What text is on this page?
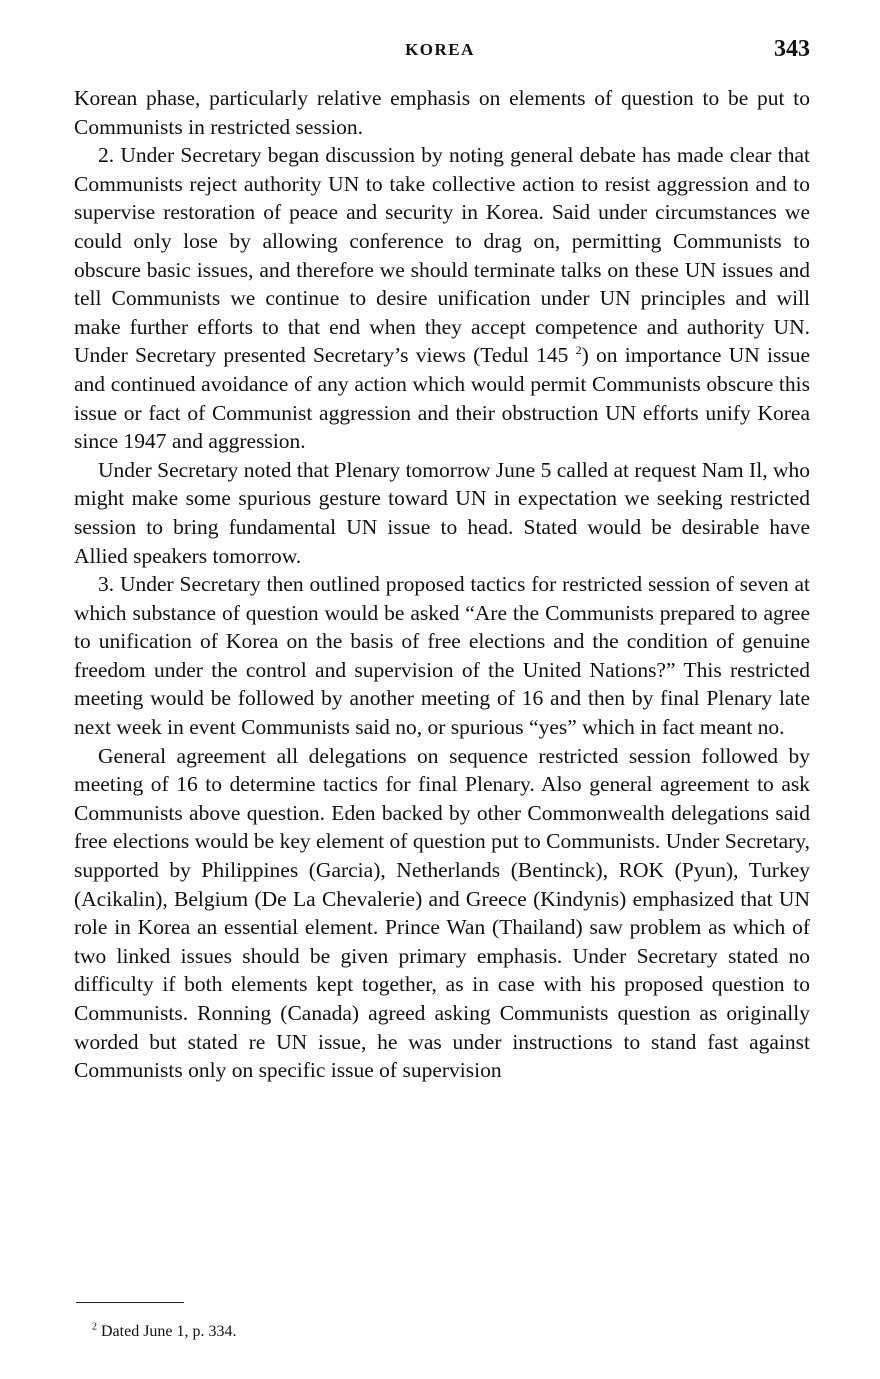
KOREA	343

Korean phase, particularly relative emphasis on elements of question to be put to Communists in restricted session.

2. Under Secretary began discussion by noting general debate has made clear that Communists reject authority UN to take collective action to resist aggression and to supervise restoration of peace and security in Korea. Said under circumstances we could only lose by allowing conference to drag on, permitting Communists to obscure basic issues, and therefore we should terminate talks on these UN issues and tell Communists we continue to desire unification under UN principles and will make further efforts to that end when they accept competence and authority UN. Under Secretary presented Secretary’s views (Tedul 145 $^2$) on importance UN issue and continued avoidance of any action which would permit Communists obscure this issue or fact of Communist aggression and their obstruction UN efforts unify Korea since 1947 and aggression.

Under Secretary noted that Plenary tomorrow June 5 called at request Nam Il, who might make some spurious gesture toward UN in expectation we seeking restricted session to bring fundamental UN issue to head. Stated would be desirable have Allied speakers tomorrow.

3. Under Secretary then outlined proposed tactics for restricted session of seven at which substance of question would be asked “Are the Communists prepared to agree to unification of Korea on the basis of free elections and the condition of genuine freedom under the control and supervision of the United Nations?” This restricted meeting would be followed by another meeting of 16 and then by final Plenary late next week in event Communists said no, or spurious “yes” which in fact meant no.

General agreement all delegations on sequence restricted session followed by meeting of 16 to determine tactics for final Plenary. Also general agreement to ask Communists above question. Eden backed by other Commonwealth delegations said free elections would be key element of question put to Communists. Under Secretary, supported by Philippines (Garcia), Netherlands (Bentinck), ROK (Pyun), Turkey (Acikalin), Belgium (De La Chevalerie) and Greece (Kindynis) emphasized that UN role in Korea an essential element. Prince Wan (Thailand) saw problem as which of two linked issues should be given primary emphasis. Under Secretary stated no difficulty if both elements kept together, as in case with his proposed question to Communists. Ronning (Canada) agreed asking Communists question as originally worded but stated re UN issue, he was under instructions to stand fast against Communists only on specific issue of supervision

$^2$ Dated June 1, p. 334.
